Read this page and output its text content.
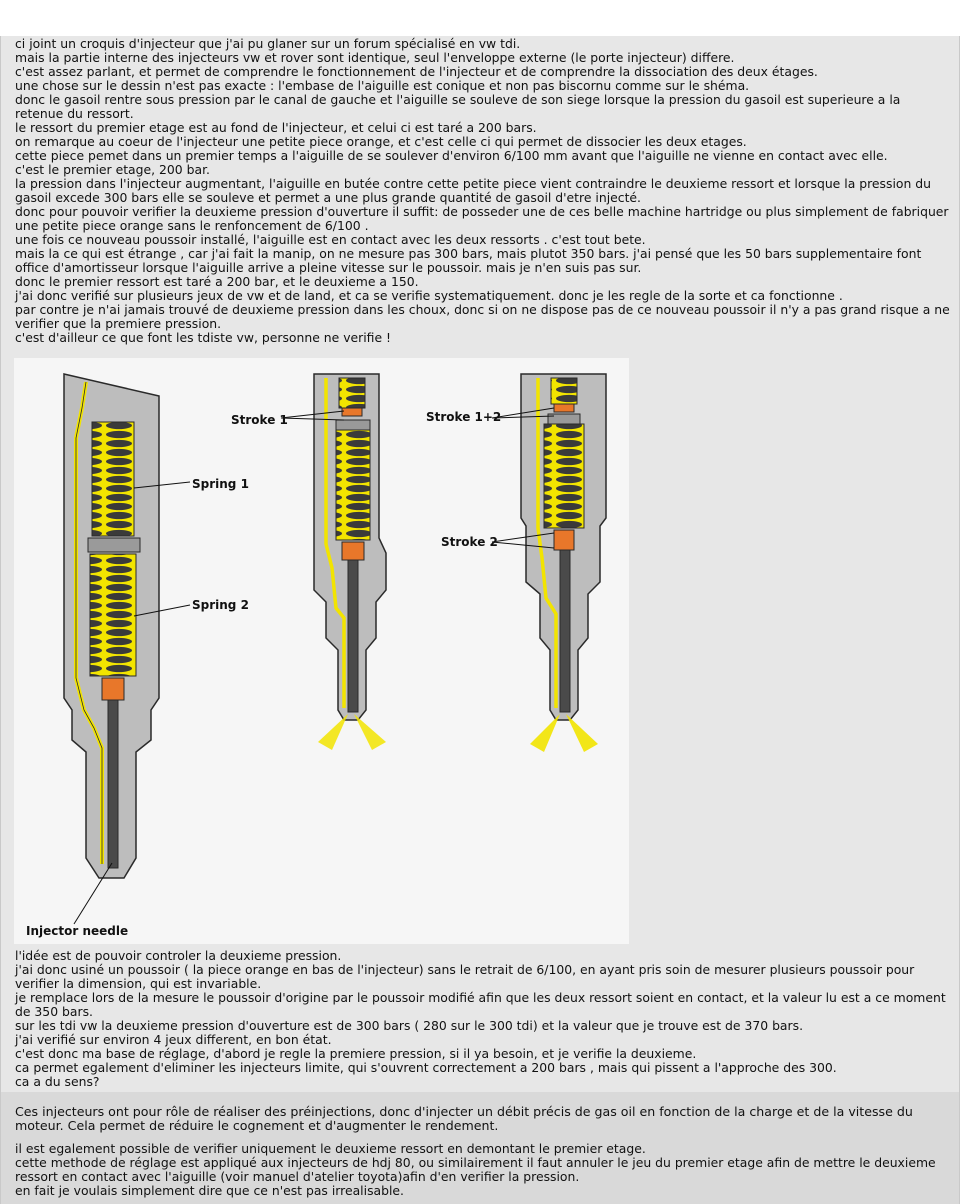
ci joint un croquis d'injecteur que j'ai pu glaner sur un forum spécialisé en vw tdi.
mais la partie interne des injecteurs vw et rover sont identique, seul l'enveloppe externe (le porte injecteur) differe.
c'est assez parlant, et permet de comprendre le fonctionnement de l'injecteur et de comprendre la dissociation des deux étages.
une chose sur le dessin n'est pas exacte : l'embase de l'aiguille est conique et non pas biscornu comme sur le shéma.
donc le gasoil rentre sous pression par le canal de gauche et l'aiguille se souleve de son siege lorsque la pression du gasoil est superieure a la retenue du ressort.
le ressort du premier etage est au fond de l'injecteur, et celui ci est taré a 200 bars.
on remarque au coeur de l'injecteur une petite piece orange, et c'est celle ci qui permet de dissocier les deux etages.
cette piece pemet dans un premier temps a l'aiguille de se soulever d'environ 6/100 mm avant que l'aiguille ne vienne en contact avec elle.
c'est le premier etage, 200 bar.
la pression dans l'injecteur augmentant, l'aiguille en butée contre cette petite piece vient contraindre le deuxieme ressort et lorsque la pression du gasoil excede 300 bars elle se souleve et permet a une plus grande quantité de gasoil d'etre injecté.
donc pour pouvoir verifier la deuxieme pression d'ouverture il suffit: de posseder une de ces belle machine hartridge ou plus simplement de fabriquer une petite piece orange sans le renfoncement de 6/100 .
une fois ce nouveau poussoir installé, l'aiguille est en contact avec les deux ressorts . c'est tout bete.
mais la ce qui est étrange , car j'ai fait la manip, on ne mesure pas 300 bars, mais plutot 350 bars. j'ai pensé que les 50 bars supplementaire font office d'amortisseur lorsque l'aiguille arrive a pleine vitesse sur le poussoir. mais je n'en suis pas sur.
donc le premier ressort est taré a 200 bar, et le deuxieme a 150.
j'ai donc verifié sur plusieurs jeux de vw et de land, et ca se verifie systematiquement. donc je les regle de la sorte et ca fonctionne .
par contre je n'ai jamais trouvé de deuxieme pression dans les choux, donc si on ne dispose pas de ce nouveau poussoir il n'y a pas grand risque a ne verifier que la premiere pression.
c'est d'ailleur ce que font les tdiste vw, personne ne verifie !
l'idée est de pouvoir controler la deuxieme pression.
j'ai donc usiné un poussoir ( la piece orange en bas de l'injecteur) sans le retrait de 6/100, en ayant pris soin de mesurer plusieurs poussoir pour verifier la dimension, qui est invariable.
je remplace lors de la mesure le poussoir d'origine par le poussoir modifié afin que les deux ressort soient en contact, et la valeur lu est a ce moment de 350 bars.
sur les tdi vw la deuxieme pression d'ouverture est de 300 bars ( 280 sur le 300 tdi) et la valeur que je trouve est de 370 bars.
j'ai verifié sur environ 4 jeux different, en bon état.
c'est donc ma base de réglage, d'abord je regle la premiere pression, si il ya besoin, et je verifie la deuxieme.
ca permet egalement d'eliminer les injecteurs limite, qui s'ouvrent correctement a 200 bars , mais qui pissent a l'approche des 300.
ca a du sens?
Spring 1
Spring 2
Injector needle
Stroke 1	Stroke 1+2
Stroke 2
Ces injecteurs ont pour rôle de réaliser des préinjections, donc d'injecter un débit précis de gas oil en fonction de la charge et de la vitesse du moteur. Cela permet de réduire le cognement et d'augmenter le rendement.
il est egalement possible de verifier uniquement le deuxieme ressort en demontant le premier etage.
cette methode de réglage est appliqué aux injecteurs de hdj 80, ou similairement il faut annuler le jeu du premier etage afin de mettre le deuxieme ressort en contact avec l'aiguille (voir manuel d'atelier toyota)afin d'en verifier la pression.
en fait je voulais simplement dire que ce n'est pas irrealisable.
